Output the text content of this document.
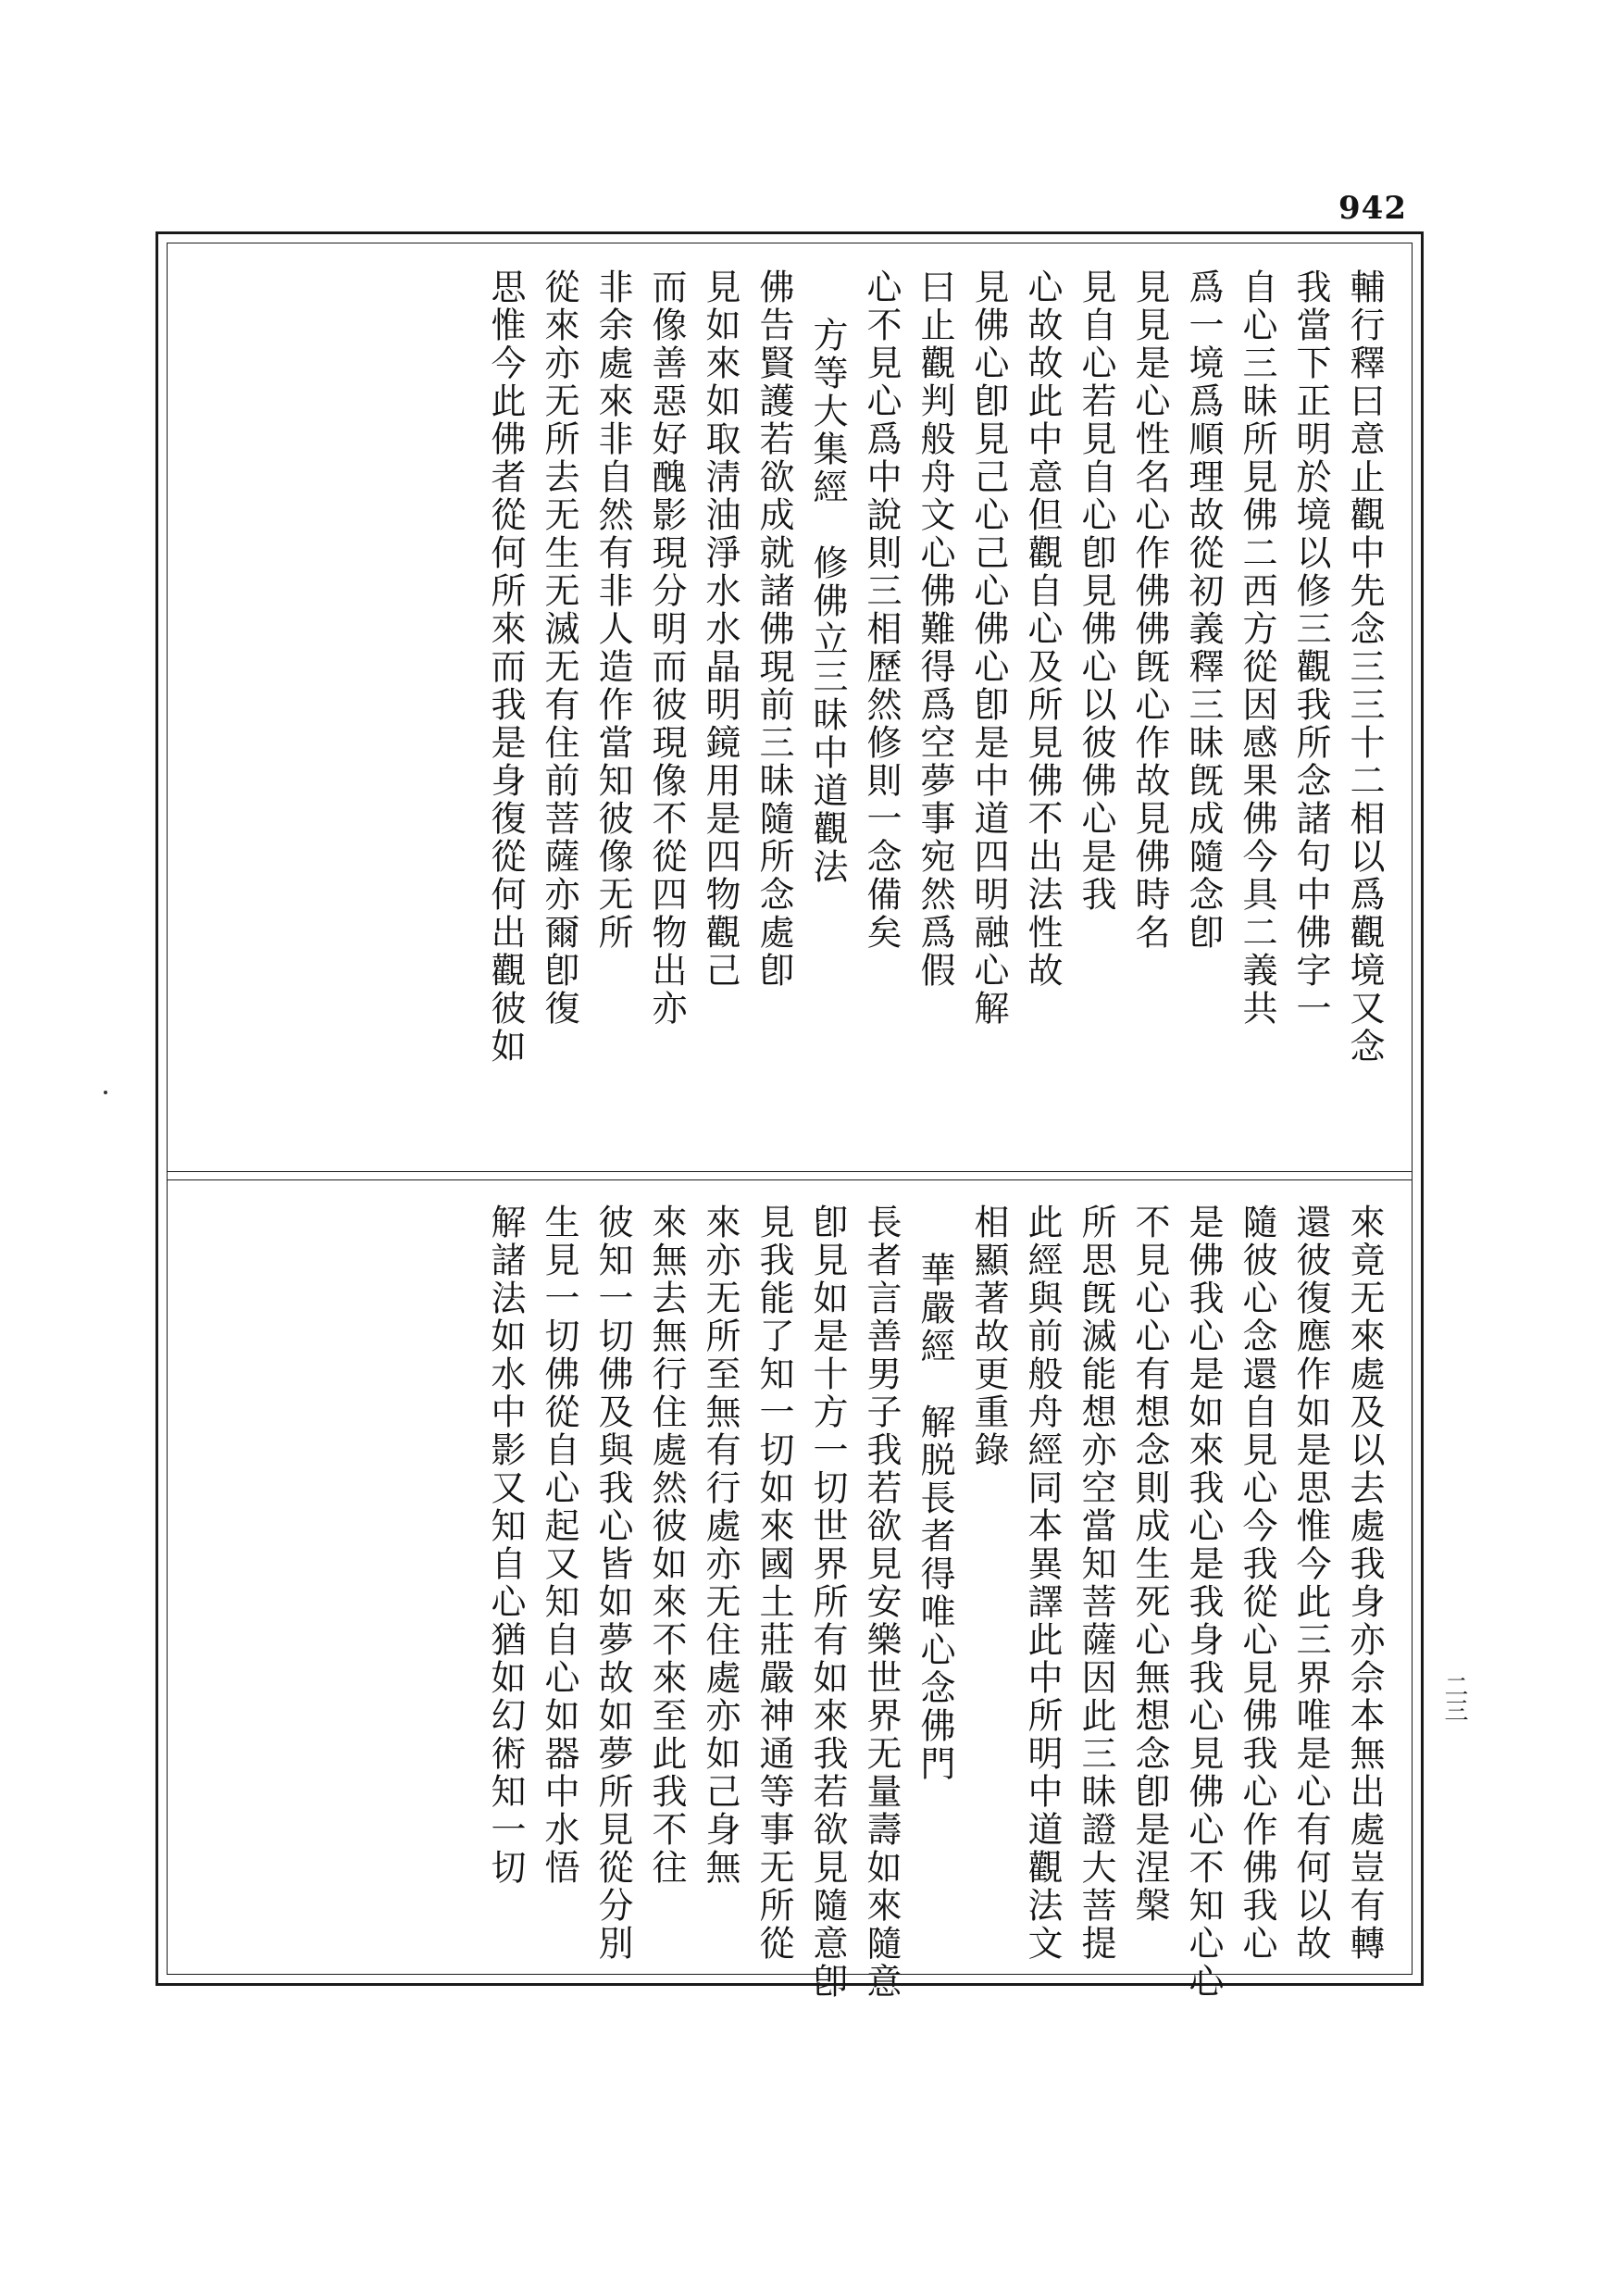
942
二三
輔行釋曰意止觀中先念三三十二相以爲觀境又念
我當下正明於境以修三觀我所念諸句中佛字一
自心三昧所見佛二西方從因感果佛今具二義共
爲一境爲順理故從初義釋三昧旣成隨念卽
見見是心性名心作佛佛旣心作故見佛時名
見自心若見自心卽見佛心以彼佛心是我
心故故此中意但觀自心及所見佛不出法性故
見佛心卽見己心己心佛心卽是中道四明融心解
曰止觀判般舟文心佛難得爲空夢事宛然爲假
心不見心爲中說則三相歷然修則一念備矣
方等大集經　修佛立三昧中道觀法
佛告賢護若欲成就諸佛現前三昧隨所念處卽
見如來如取淸油淨水水晶明鏡用是四物觀己
而像善惡好醜影現分明而彼現像不從四物出亦
非余處來非自然有非人造作當知彼像无所
從來亦无所去无生无滅无有住前菩薩亦爾卽復
思惟今此佛者從何所來而我是身復從何出觀彼如
來竟无來處及以去處我身亦佘本無出處豈有轉
還彼復應作如是思惟今此三界唯是心有何以故
隨彼心念還自見心今我從心見佛我心作佛我心
是佛我心是如來我心是我身我心見佛心不知心心
不見心心有想念則成生死心無想念卽是涅槃
所思旣滅能想亦空當知菩薩因此三昧證大菩提
此經與前般舟經同本異譯此中所明中道觀法文
相顯著故更重錄
華嚴經　解脱長者得唯心念佛門
長者言善男子我若欲見安樂世界无量壽如來隨意
卽見如是十方一切世界所有如來我若欲見隨意卽
見我能了知一切如來國土莊嚴神通等事无所從
來亦无所至無有行處亦无住處亦如己身無
來無去無行住處然彼如來不來至此我不往
彼知一切佛及與我心皆如夢故如夢所見從分別
生見一切佛從自心起又知自心如器中水悟
解諸法如水中影又知自心猶如幻術知一切
